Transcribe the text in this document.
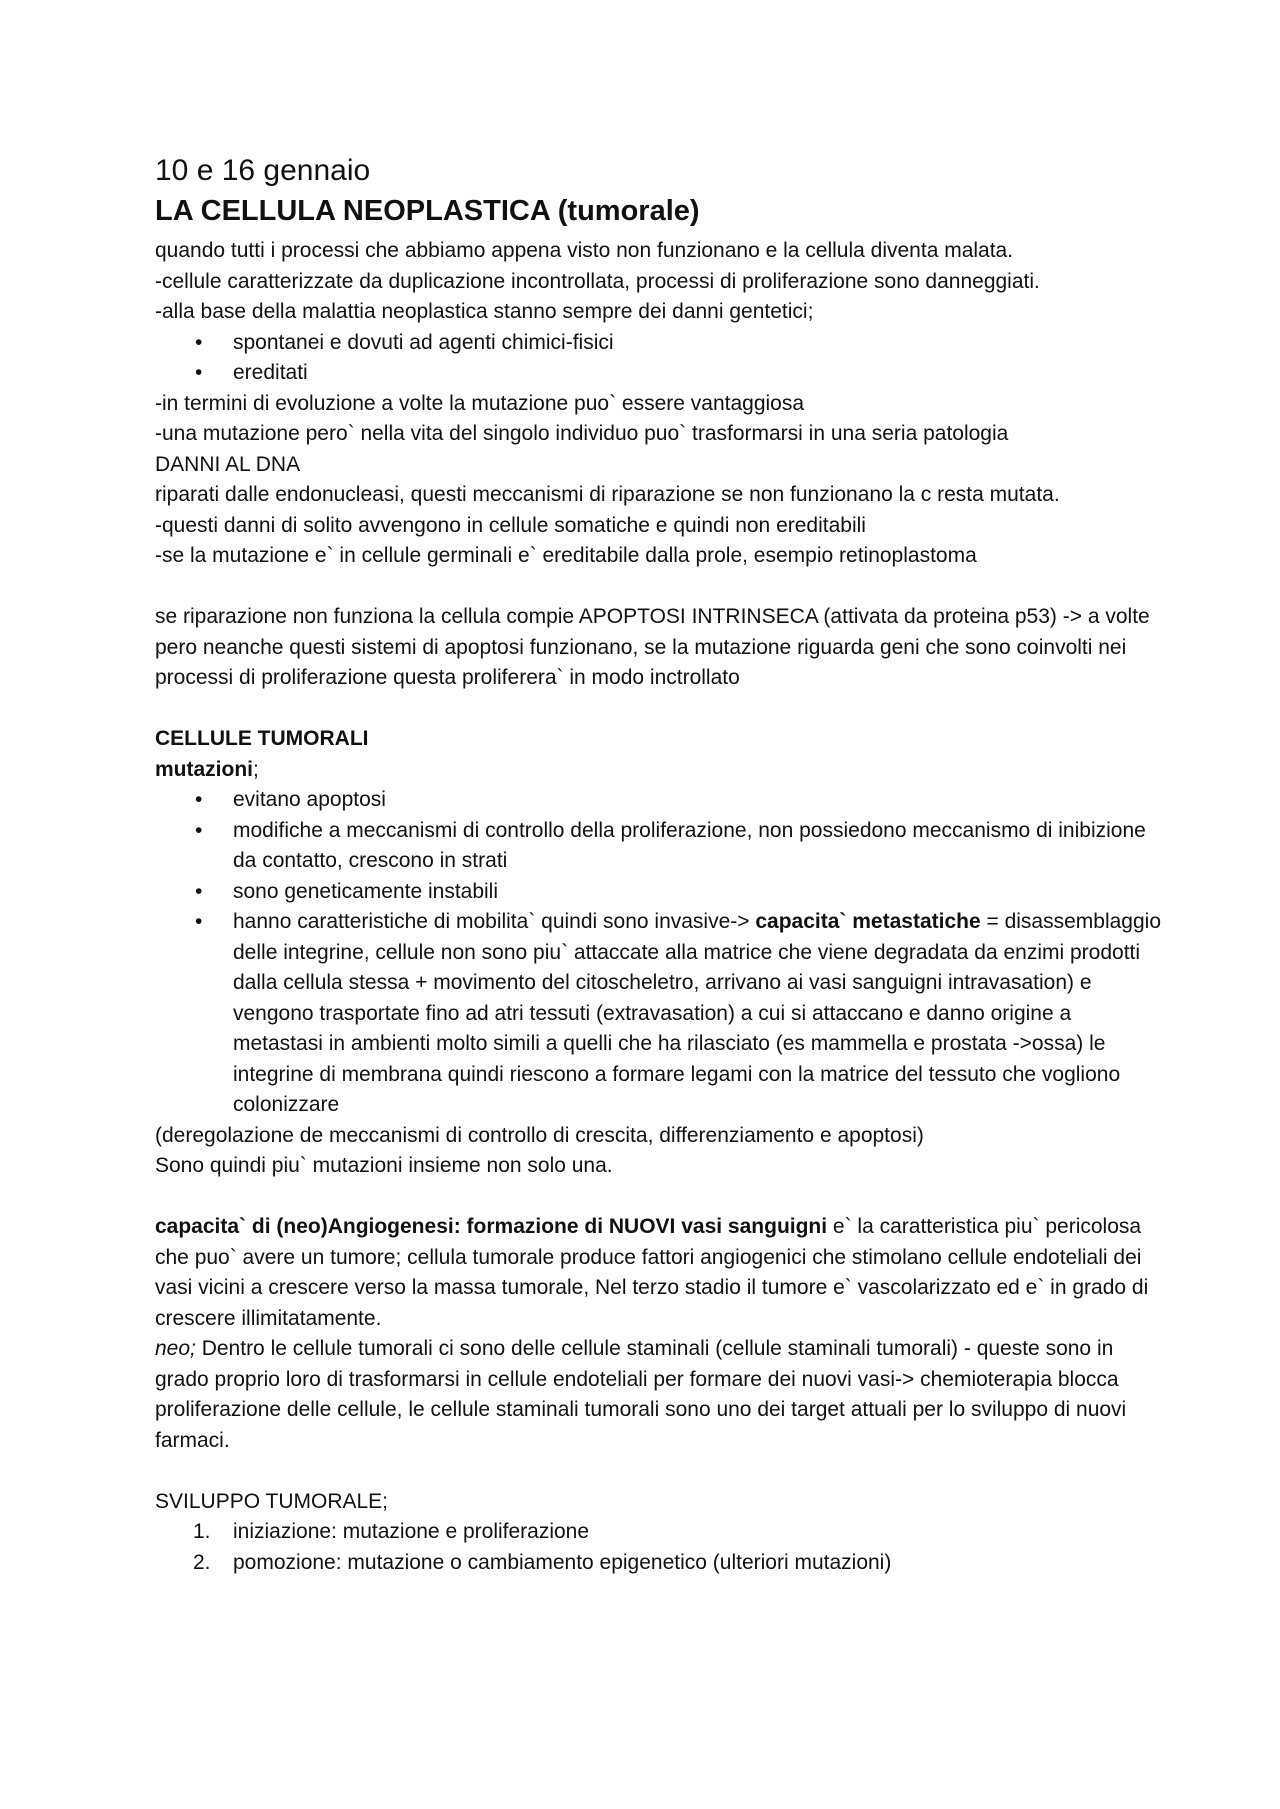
10 e 16 gennaio
LA CELLULA NEOPLASTICA (tumorale)

quando tutti i processi che abbiamo appena visto non funzionano e la cellula diventa malata.

-cellule caratterizzate da duplicazione incontrollata, processi di proliferazione sono danneggiati.

-alla base della malattia neoplastica stanno sempre dei danni gentetici;

• spontanei e dovuti ad agenti chimici-fisici
• ereditati

-in termini di evoluzione a volte la mutazione puo` essere vantaggiosa

-una mutazione pero` nella vita del singolo individuo puo` trasformarsi in una seria patologia

DANNI AL DNA

riparati dalle endonucleasi, questi meccanismi di riparazione se non funzionano la c resta mutata.

-questi danni di solito avvengono in cellule somatiche e quindi non ereditabili

-se la mutazione e` in cellule germinali e` ereditabile dalla prole, esempio retinoplastoma

se riparazione non funziona la cellula compie APOPTOSI INTRINSECA (attivata da proteina p53) -> a volte pero neanche questi sistemi di apoptosi funzionano, se la mutazione riguarda geni che sono coinvolti nei processi di proliferazione questa proliferera` in modo inctrollato

CELLULE TUMORALI

mutazioni;

• evitano apoptosi
• modifiche a meccanismi di controllo della proliferazione, non possiedono meccanismo di inibizione da contatto, crescono in strati
• sono geneticamente instabili
• hanno caratteristiche di mobilita` quindi sono invasive-> capacita` metastatiche = disassemblaggio delle integrine, cellule non sono piu` attaccate alla matrice che viene degradata da enzimi prodotti dalla cellula stessa + movimento del citoscheletro, arrivano ai vasi sanguigni intravasation) e vengono trasportate fino ad atri tessuti (extravasation) a cui si attaccano e danno origine a metastasi in ambienti molto simili a quelli che ha rilasciato (es mammella e prostata ->ossa) le integrine di membrana quindi riescono a formare legami con la matrice del tessuto che vogliono colonizzare

(deregolazione de meccanismi di controllo di crescita, differenziamento e apoptosi)

Sono quindi piu` mutazioni insieme non solo una.

capacita` di (neo)Angiogenesi: formazione di NUOVI vasi sanguigni e` la caratteristica piu` pericolosa che puo` avere un tumore; cellula tumorale produce fattori angiogenici che stimolano cellule endoteliali dei vasi vicini a crescere verso la massa tumorale, Nel terzo stadio il tumore e` vascolarizzato ed e` in grado di crescere illimitatamente.

neo; Dentro le cellule tumorali ci sono delle cellule staminali (cellule staminali tumorali) - queste sono in grado proprio loro di trasformarsi in cellule endoteliali per formare dei nuovi vasi-> chemioterapia blocca proliferazione delle cellule, le cellule staminali tumorali sono uno dei target attuali per lo sviluppo di nuovi farmaci.

SVILUPPO TUMORALE;

1. iniziazione: mutazione e proliferazione
2. pomozione: mutazione o cambiamento epigenetico (ulteriori mutazioni)
